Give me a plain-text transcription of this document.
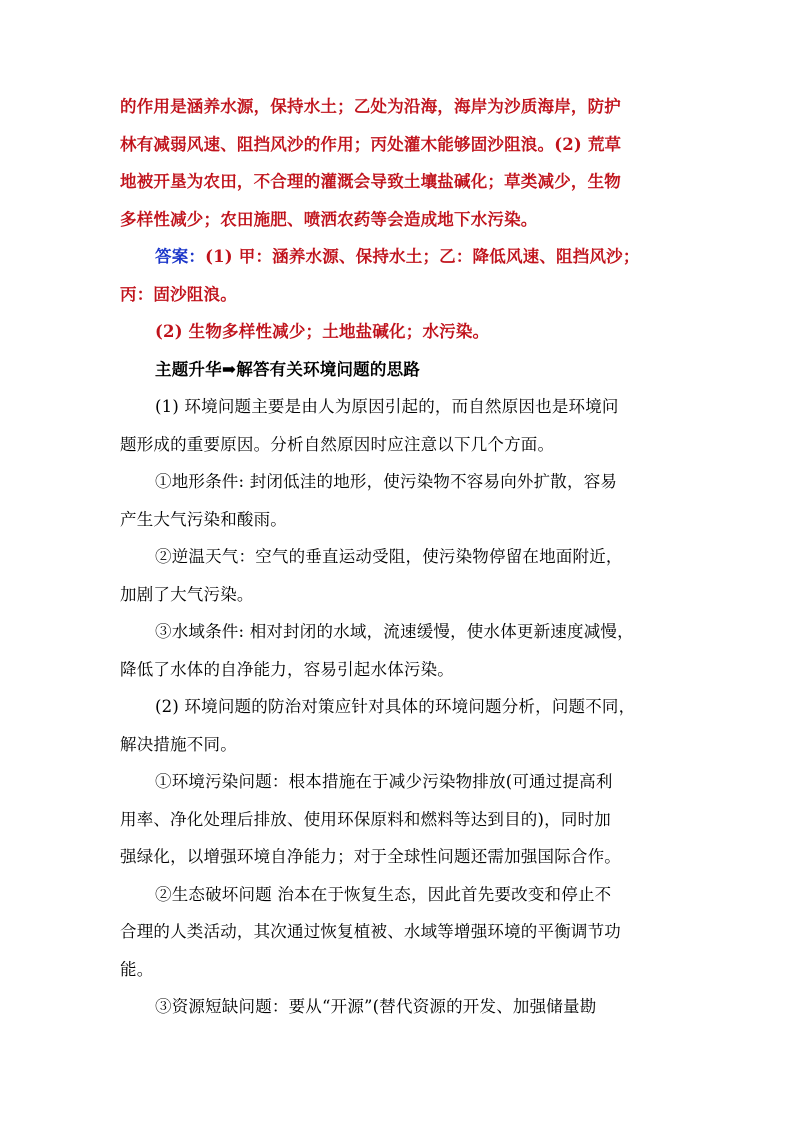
的作用是涵养水源，保持水土；乙处为沿海，海岸为沙质海岸，防护

林有减弱风速、阻挡风沙的作用；丙处灌木能够固沙阻浪。(2) 荒草

地被开垦为农田，不合理的灌溉会导致土壤盐碱化；草类减少，生物

多样性减少；农田施肥、喷洒农药等会造成地下水污染。

答案：(1) 甲：涵养水源、保持水土；乙：降低风速、阻挡风沙；

丙：固沙阻浪。

(2) 生物多样性减少；土地盐碱化；水污染。

主题升华➡解答有关环境问题的思路

(1) 环境问题主要是由人为原因引起的，而自然原因也是环境问

题形成的重要原因。分析自然原因时应注意以下几个方面。

①地形条件: 封闭低洼的地形，使污染物不容易向外扩散，容易

产生大气污染和酸雨。

②逆温天气：空气的垂直运动受阻，使污染物停留在地面附近，

加剧了大气污染。

③水域条件: 相对封闭的水域，流速缓慢，使水体更新速度减慢，

降低了水体的自净能力，容易引起水体污染。

(2) 环境问题的防治对策应针对具体的环境问题分析，问题不同，

解决措施不同。

①环境污染问题：根本措施在于减少污染物排放(可通过提高利

用率、净化处理后排放、使用环保原料和燃料等达到目的)，同时加

强绿化，以增强环境自净能力；对于全球性问题还需加强国际合作。

②生态破坏问题 治本在于恢复生态，因此首先要改变和停止不

合理的人类活动，其次通过恢复植被、水域等增强环境的平衡调节功

能。

③资源短缺问题：要从“开源”(替代资源的开发、加强储量勘
